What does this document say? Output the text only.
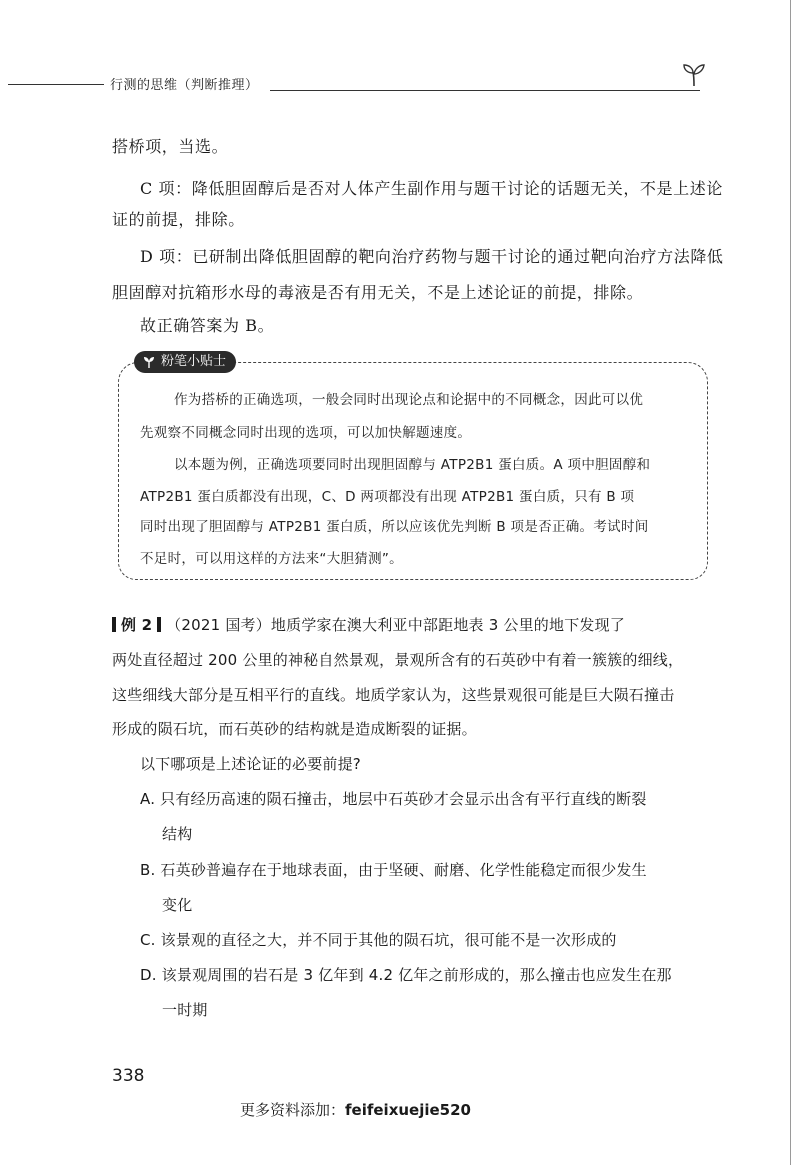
行测的思维（判断推理）
搭桥项，当选。
C 项：降低胆固醇后是否对人体产生副作用与题干讨论的话题无关，不是上述论
证的前提，排除。
D 项：已研制出降低胆固醇的靶向治疗药物与题干讨论的通过靶向治疗方法降低
胆固醇对抗箱形水母的毒液是否有用无关，不是上述论证的前提，排除。
故正确答案为 B。
粉笔小贴士
作为搭桥的正确选项，一般会同时出现论点和论据中的不同概念，因此可以优
先观察不同概念同时出现的选项，可以加快解题速度。
以本题为例，正确选项要同时出现胆固醇与 ATP2B1 蛋白质。A 项中胆固醇和
ATP2B1 蛋白质都没有出现，C、D 两项都没有出现 ATP2B1 蛋白质，只有 B 项
同时出现了胆固醇与 ATP2B1 蛋白质，所以应该优先判断 B 项是否正确。考试时间
不足时，可以用这样的方法来“大胆猜测”。
例 2 （2021 国考）地质学家在澳大利亚中部距地表 3 公里的地下发现了
两处直径超过 200 公里的神秘自然景观，景观所含有的石英砂中有着一簇簇的细线，
这些细线大部分是互相平行的直线。地质学家认为，这些景观很可能是巨大陨石撞击
形成的陨石坑，而石英砂的结构就是造成断裂的证据。
以下哪项是上述论证的必要前提?
A. 只有经历高速的陨石撞击，地层中石英砂才会显示出含有平行直线的断裂
结构
B. 石英砂普遍存在于地球表面，由于坚硬、耐磨、化学性能稳定而很少发生
变化
C. 该景观的直径之大，并不同于其他的陨石坑，很可能不是一次形成的
D. 该景观周围的岩石是 3 亿年到 4.2 亿年之前形成的，那么撞击也应发生在那
一时期
338
更多资料添加：feifeixuejie520
